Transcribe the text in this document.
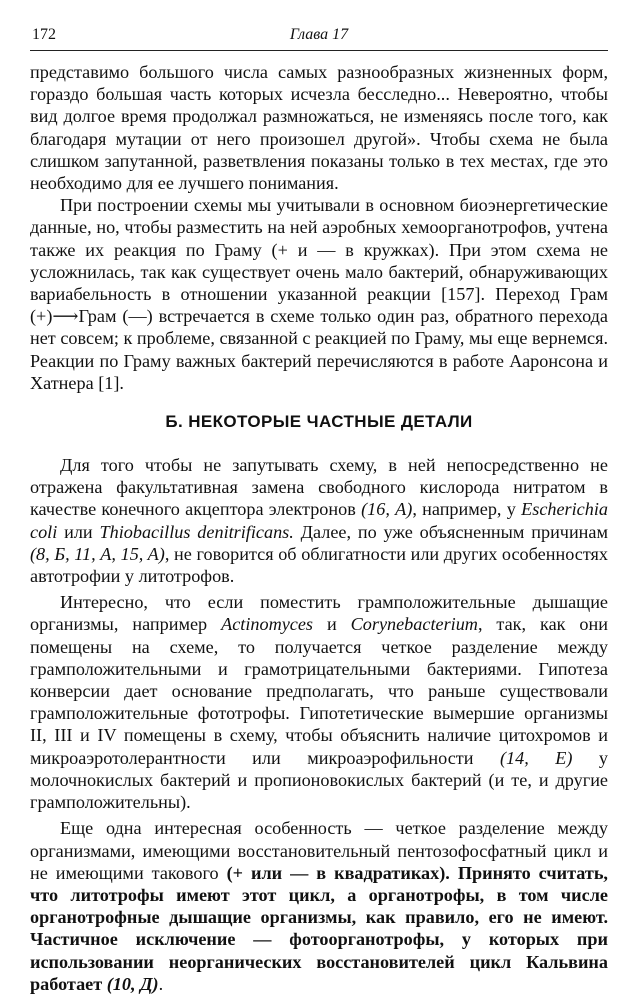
172	Глава 17

представимо большого числа самых разнообразных жизненных форм, гораздо большая часть которых исчезла бесследно... Невероятно, чтобы вид долгое время продолжал размножаться, не изменяясь после того, как благодаря мутации от него произошел другой». Чтобы схема не была слишком запутанной, разветвления показаны только в тех местах, где это необходимо для ее лучшего понимания.

При построении схемы мы учитывали в основном биоэнергетические данные, но, чтобы разместить на ней аэробных хемоорганотрофов, учтена также их реакция по Граму (+ и — в кружках). При этом схема не усложнилась, так как существует очень мало бактерий, обнаруживающих вариабельность в отношении указанной реакции [157]. Переход Грам (+)⟶Грам (—) встречается в схеме только один раз, обратного перехода нет совсем; к проблеме, связанной с реакцией по Граму, мы еще вернемся. Реакции по Граму важных бактерий перечисляются в работе Ааронсона и Хатнера [1].

Б. НЕКОТОРЫЕ ЧАСТНЫЕ ДЕТАЛИ

Для того чтобы не запутывать схему, в ней непосредственно не отражена факультативная замена свободного кислорода нитратом в качестве конечного акцептора электронов (16, A), например, у Escherichia coli или Thiobacillus denitrificans. Далее, по уже объясненным причинам (8, Б, 11, A, 15, A), не говорится об облигатности или других особенностях автотрофии у литотрофов.

Интересно, что если поместить грамположительные дышащие организмы, например Actinomyces и Corynebacterium, так, как они помещены на схеме, то получается четкое разделение между грамположительными и грамотрицательными бактериями. Гипотеза конверсии дает основание предполагать, что раньше существовали грамположительные фототрофы. Гипотетические вымершие организмы II, III и IV помещены в схему, чтобы объяснить наличие цитохромов и микроаэротолерантности или микроаэрофильности (14, E) у молочнокислых бактерий и пропионовокислых бактерий (и те, и другие грамположительны).

Еще одна интересная особенность — четкое разделение между организмами, имеющими восстановительный пентозофосфатный цикл и не имеющими такового (+ или — в квадратиках). Принято считать, что литотрофы имеют этот цикл, а органотрофы, в том числе органотрофные дышащие организмы, как правило, его не имеют. Частичное исключение — фотоорганотрофы, у которых при использовании неорганических восстановителей цикл Кальвина работает (10, Д).
